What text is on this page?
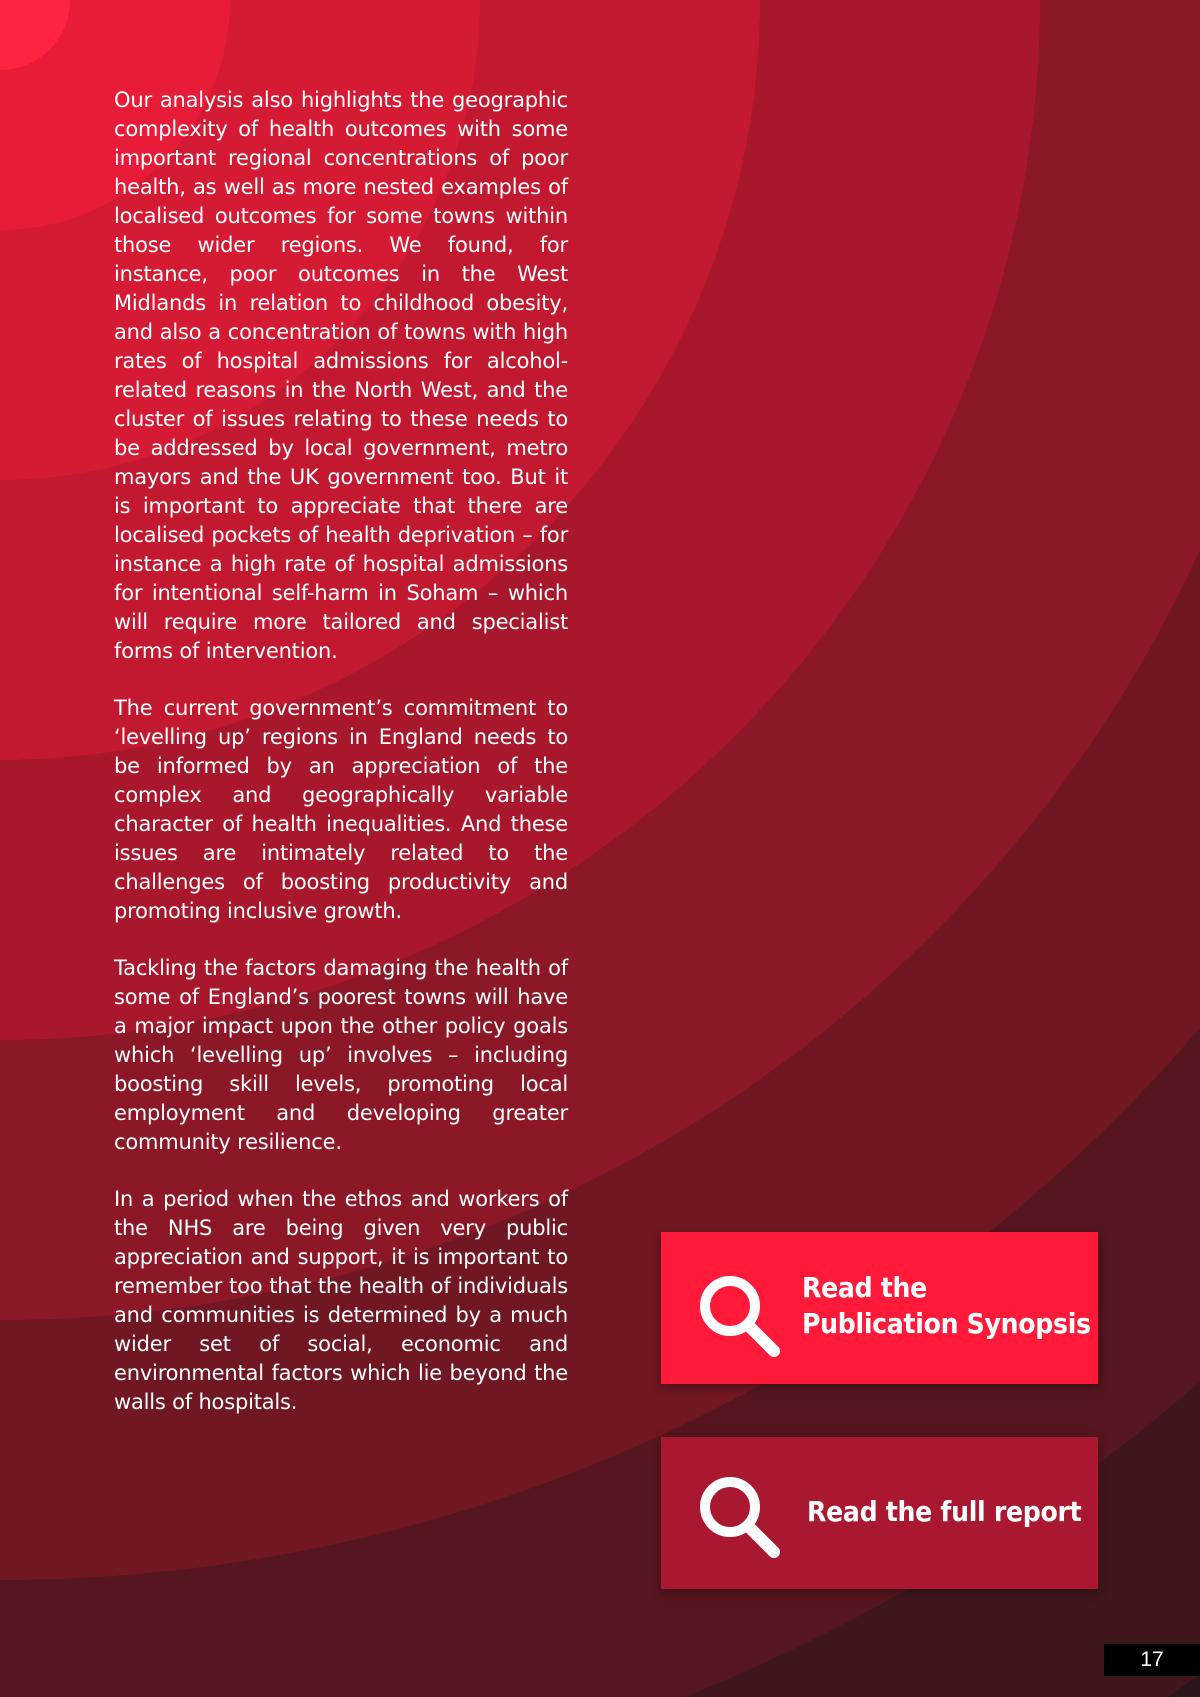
Our analysis also highlights the geographic complexity of health outcomes with some important regional concentrations of poor health, as well as more nested examples of localised outcomes for some towns within those wider regions. We found, for instance, poor outcomes in the West Midlands in relation to childhood obesity, and also a concentration of towns with high rates of hospital admissions for alcohol-related reasons in the North West, and the cluster of issues relating to these needs to be addressed by local government, metro mayors and the UK government too. But it is important to appreciate that there are localised pockets of health deprivation – for instance a high rate of hospital admissions for intentional self-harm in Soham – which will require more tailored and specialist forms of intervention.

The current government’s commitment to ‘levelling up’ regions in England needs to be informed by an appreciation of the complex and geographically variable character of health inequalities. And these issues are intimately related to the challenges of boosting productivity and promoting inclusive growth.

Tackling the factors damaging the health of some of England’s poorest towns will have a major impact upon the other policy goals which ‘levelling up’ involves – including boosting skill levels, promoting local employment and developing greater community resilience.

In a period when the ethos and workers of the NHS are being given very public appreciation and support, it is important to remember too that the health of individuals and communities is determined by a much wider set of social, economic and environmental factors which lie beyond the walls of hospitals.

Read the
Publication Synopsis
Read the full report
17
